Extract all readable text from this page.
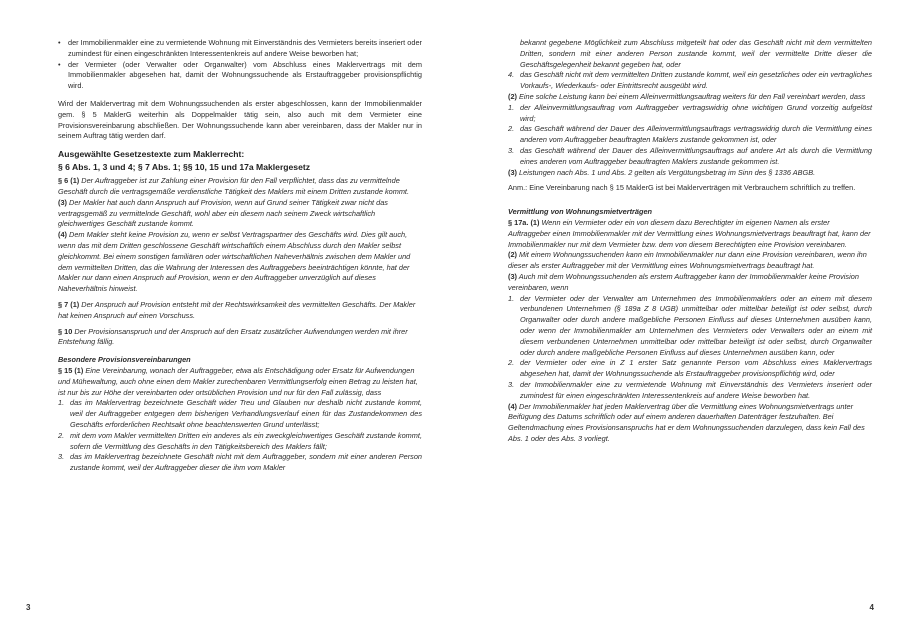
• der Immobilienmakler eine zu vermietende Wohnung mit Einverständnis des Vermieters bereits inseriert oder zumindest für einen eingeschränkten Interessentenkreis auf andere Weise beworben hat;
• der Vermieter (oder Verwalter oder Organwalter) vom Abschluss eines Maklervertrags mit dem Immobilienmakler abgesehen hat, damit der Wohnungssuchende als Erstauftraggeber provisionspflichtig wird.

Wird der Maklervertrag mit dem Wohnungssuchenden als erster abgeschlossen, kann der Immobilienmakler gem. § 5 MaklerG weiterhin als Doppelmakler tätig sein, also auch mit dem Vermieter eine Provisionsvereinbarung abschließen. Der Wohnungssuchende kann aber vereinbaren, dass der Makler nur in seinem Auftrag tätig werden darf.

Ausgewählte Gesetzestexte zum Maklerrecht:
§ 6 Abs. 1, 3 und 4; § 7 Abs. 1; §§ 10, 15 und 17a Maklergesetz
§ 6 (1) Der Auftraggeber ist zur Zahlung einer Provision für den Fall verpflichtet, dass das zu vermittelnde Geschäft durch die vertragsgemäße verdienstliche Tätigkeit des Maklers mit einem Dritten zustande kommt.
(3) Der Makler hat auch dann Anspruch auf Provision, wenn auf Grund seiner Tätigkeit zwar nicht das vertragsgemäß zu vermittelnde Geschäft, wohl aber ein diesem nach seinem Zweck wirtschaftlich gleichwertiges Geschäft zustande kommt.
(4) Dem Makler steht keine Provision zu, wenn er selbst Vertragspartner des Geschäfts wird. Dies gilt auch, wenn das mit dem Dritten geschlossene Geschäft wirtschaftlich einem Abschluss durch den Makler selbst gleichkommt. Bei einem sonstigen familiären oder wirtschaftlichen Naheverhältnis zwischen dem Makler und dem vermittelten Dritten, das die Wahrung der Interessen des Auftraggebers beeinträchtigen könnte, hat der Makler nur dann einen Anspruch auf Provision, wenn er den Auftraggeber unverzüglich auf dieses Naheverhältnis hinweist.
§ 7 (1) Der Anspruch auf Provision entsteht mit der Rechtswirksamkeit des vermittelten Geschäfts. Der Makler hat keinen Anspruch auf einen Vorschuss.
§ 10 Der Provisionsanspruch und der Anspruch auf den Ersatz zusätzlicher Aufwendungen werden mit ihrer Entstehung fällig.
Besondere Provisionsvereinbarungen
§ 15 (1) Eine Vereinbarung, wonach der Auftraggeber, etwa als Entschädigung oder Ersatz für Aufwendungen und Mühewaltung, auch ohne einen dem Makler zurechenbaren Vermittlungserfolg einen Betrag zu leisten hat, ist nur bis zur Höhe der vereinbarten oder ortsüblichen Provision und nur für den Fall zulässig, dass
1. das im Maklervertrag bezeichnete Geschäft wider Treu und Glauben nur deshalb nicht zustande kommt, weil der Auftraggeber entgegen dem bisherigen Verhandlungsverlauf einen für das Zustandekommen des Geschäfts erforderlichen Rechtsakt ohne beachtenswerten Grund unterlässt;
2. mit dem vom Makler vermittelten Dritten ein anderes als ein zweckgleichwertiges Geschäft zustande kommt, sofern die Vermittlung des Geschäfts in den Tätigkeitsbereich des Maklers fällt;
3. das im Maklervertrag bezeichnete Geschäft nicht mit dem Auftraggeber, sondern mit einer anderen Person zustande kommt, weil der Auftraggeber dieser die ihm vom Makler
3
bekannt gegebene Möglichkeit zum Abschluss mitgeteilt hat oder das Geschäft nicht mit dem vermittelten Dritten, sondern mit einer anderen Person zustande kommt, weil der vermittelte Dritte dieser die Geschäftsgelegenheit bekannt gegeben hat, oder
4. das Geschäft nicht mit dem vermittelten Dritten zustande kommt, weil ein gesetzliches oder ein vertragliches Vorkaufs-, Wiederkaufs- oder Eintrittsrecht ausgeübt wird.
(2) Eine solche Leistung kann bei einem Alleinvermittlungsauftrag weiters für den Fall vereinbart werden, dass
1. der Alleinvermittlungsauftrag vom Auftraggeber vertragswidrig ohne wichtigen Grund vorzeitig aufgelöst wird;
2. das Geschäft während der Dauer des Alleinvermittlungsauftrags vertragswidrig durch die Vermittlung eines anderen vom Auftraggeber beauftragten Maklers zustande gekommen ist, oder
3. das Geschäft während der Dauer des Alleinvermittlungsauftrags auf andere Art als durch die Vermittlung eines anderen vom Auftraggeber beauftragten Maklers zustande gekommen ist.
(3) Leistungen nach Abs. 1 und Abs. 2 gelten als Vergütungsbetrag im Sinn des § 1336 ABGB.

Anm.: Eine Vereinbarung nach § 15 MaklerG ist bei Maklerverträgen mit Verbrauchern schriftlich zu treffen.

Vermittlung von Wohnungsmietverträgen
§ 17a. (1) Wenn ein Vermieter oder ein von diesem dazu Berechtigter im eigenen Namen als erster Auftraggeber einen Immobilienmakler mit der Vermittlung eines Wohnungsmietvertrags beauftragt hat, kann der Immobilienmakler nur mit dem Vermieter bzw. dem von diesem Berechtigten eine Provision vereinbaren.
(2) Mit einem Wohnungssuchenden kann ein Immobilienmakler nur dann eine Provision vereinbaren, wenn ihn dieser als erster Auftraggeber mit der Vermittlung eines Wohnungsmietvertrags beauftragt hat.
(3) Auch mit dem Wohnungssuchenden als erstem Auftraggeber kann der Immobilienmakler keine Provision vereinbaren, wenn
1. der Vermieter oder der Verwalter am Unternehmen des Immobilienmaklers oder an einem mit diesem verbundenen Unternehmen (§ 189a Z 8 UGB) unmittelbar oder mittelbar beteiligt ist oder selbst, durch Organwalter oder durch andere maßgebliche Personen Einfluss auf dieses Unternehmen ausüben kann, oder wenn der Immobilienmakler am Unternehmen des Vermieters oder Verwalters oder an einem mit diesem verbundenen Unternehmen unmittelbar oder mittelbar beteiligt ist oder selbst, durch Organwalter oder durch andere maßgebliche Personen Einfluss auf dieses Unternehmen ausüben kann, oder
2. der Vermieter oder eine in Z 1 erster Satz genannte Person vom Abschluss eines Maklervertrags abgesehen hat, damit der Wohnungssuchende als Erstauftraggeber provisionspflichtig wird, oder
3. der Immobilienmakler eine zu vermietende Wohnung mit Einverständnis des Vermieters inseriert oder zumindest für einen eingeschränkten Interessentenkreis auf andere Weise beworben hat.
(4) Der Immobilienmakler hat jeden Maklervertrag über die Vermittlung eines Wohnungsmietvertrags unter Beifügung des Datums schriftlich oder auf einem anderen dauerhaften Datenträger festzuhalten. Bei Geltendmachung eines Provisionsanspruchs hat er dem Wohnungssuchenden darzulegen, dass kein Fall des Abs. 1 oder des Abs. 3 vorliegt.
4
